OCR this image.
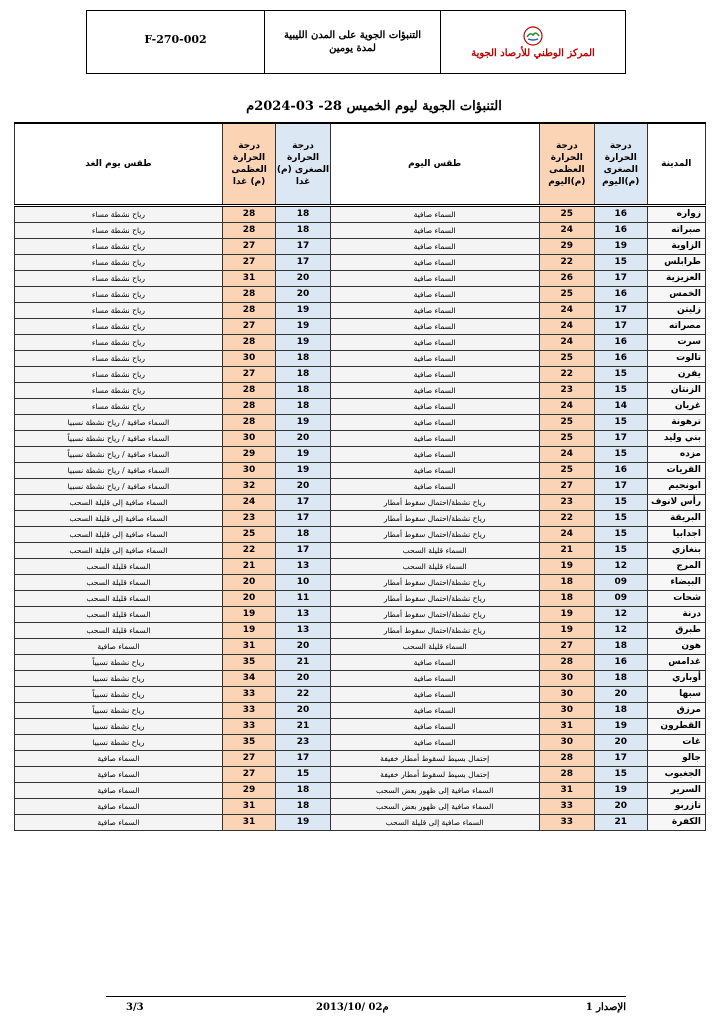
F-270-002	التنبؤات الجوية على المدن الليبية
لمدة يومين	المركز الوطني للأرصاد الجوية
التنبؤات الجوية ليوم الخميس 28- 03-2024م
المدينة	درجة الحرارة الصغرى (م)اليوم	درجة الحرارة العظمى (م)اليوم	طقس اليوم	درجة الحرارة الصغرى (م) غدا	درجة الحرارة العظمى (م) غدا	طقس يوم الغد
زواره	16	25	السماء صافية	18	28	رياح نشطة مساء
صبراته	16	24	السماء صافية	18	28	رياح نشطة مساء
الزاوية	19	29	السماء صافية	17	27	رياح نشطة مساء
طرابلس	15	22	السماء صافية	17	27	رياح نشطة مساء
العزيزية	17	26	السماء صافية	20	31	رياح نشطة مساء
الخمس	16	25	السماء صافية	20	28	رياح نشطة مساء
زليتن	17	24	السماء صافية	19	28	رياح نشطة مساء
مصراته	17	24	السماء صافية	19	27	رياح نشطة مساء
سرت	16	24	السماء صافية	19	28	رياح نشطة مساء
تالوت	16	25	السماء صافية	18	30	رياح نشطة مساء
يفرن	15	22	السماء صافية	18	27	رياح نشطة مساء
الزنتان	15	23	السماء صافية	18	28	رياح نشطة مساء
غريان	14	24	السماء صافية	18	28	رياح نشطة مساء
ترهونة	15	25	السماء صافية	19	28	السماء صافية / رياح نشطة نسبيا
بني وليد	17	25	السماء صافية	20	30	السماء صافية / رياح نشطة نسبياً
مزده	15	24	السماء صافية	19	29	السماء صافية / رياح نشطة نسبياً
القريات	16	25	السماء صافية	19	30	السماء صافية / رياح نشطة نسبيا
ابونجيم	17	27	السماء صافية	20	32	السماء صافية / رياح نشطة نسبيا
رأس لانوف	15	23	رياح نشطة/احتمال سقوط أمطار	17	24	السماء صافية إلى قليلة السحب
البريقة	15	22	رياح نشطة/احتمال سقوط أمطار	17	23	السماء صافية إلى قليلة السحب
اجدابيا	15	24	رياح نشطة/احتمال سقوط أمطار	18	25	السماء صافية إلى قليلة السحب
بنغازي	15	21	السماء قليلة السحب	17	22	السماء صافية إلى قليلة السحب
المرج	12	19	السماء قليلة السحب	13	21	السماء قليلة السحب
البيضاء	09	18	رياح نشطة/احتمال سقوط أمطار	10	20	السماء قليلة السحب
شحات	09	18	رياح نشطة/احتمال سقوط أمطار	11	20	السماء قليلة السحب
درنة	12	19	رياح نشطة/احتمال سقوط أمطار	13	19	السماء قليلة السحب
طبرق	12	19	رياح نشطة/احتمال سقوط أمطار	13	19	السماء قليلة السحب
هون	18	27	السماء قليلة السحب	20	31	السماء صافية
غدامس	16	28	السماء صافية	21	35	رياح نشطة نسبياً
أوباري	18	30	السماء صافية	20	34	رياح نشطة نسبيا
سبها	20	30	السماء صافية	22	33	رياح نشطة نسبياً
مرزق	18	30	السماء صافية	20	33	رياح نشطة نسبياً
القطرون	19	31	السماء صافية	21	33	رياح نشطة نسبيا
غات	20	30	السماء صافية	23	35	رياح نشطة نسبيا
جالو	17	28	إحتمال بسيط لسقوط أمطار خفيفة	17	27	السماء صافية
الجغبوب	15	28	إحتمال بسيط لسقوط أمطار خفيفة	15	27	السماء صافية
السرير	19	31	السماء صافية إلى ظهور بعض السحب	18	29	السماء صافية
تازربو	20	33	السماء صافية إلى ظهور بعض السحب	18	31	السماء صافية
الكفرة	21	33	السماء صافية إلى قليلة السحب	19	31	السماء صافية
الإصدار 1
2013/10/ 02م
3/3
